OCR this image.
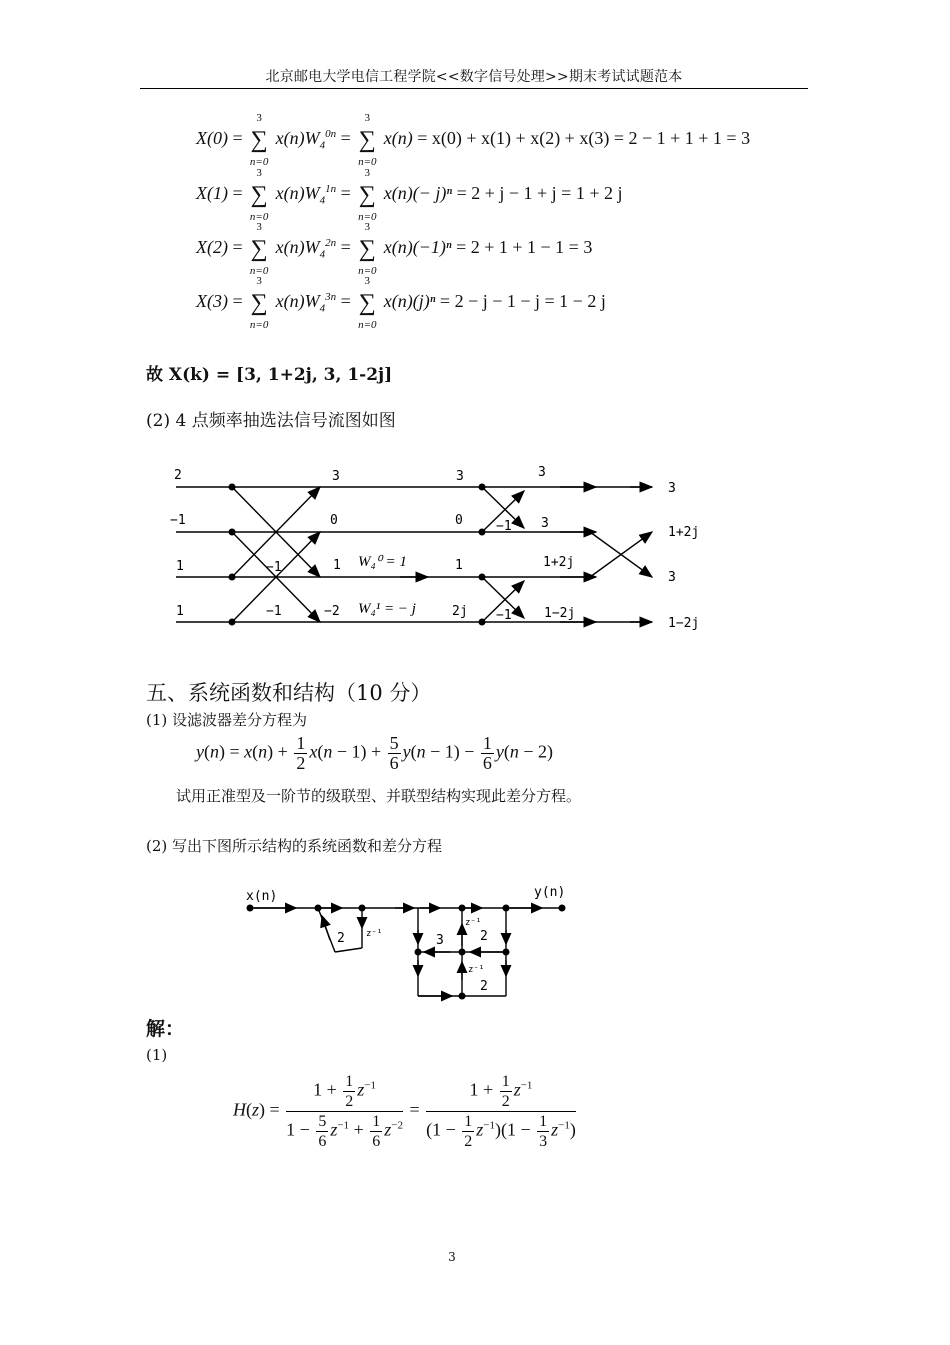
北京邮电大学电信工程学院<<数字信号处理>>期末考试试题范本
X(0) =
3
∑
n=0
$x(n)W_4^{0n}$ =
3
∑
n=0
x(n) = x(0) + x(1) + x(2) + x(3) = 2 − 1 + 1 + 1 = 3
X(1) =
3
∑
n=0
$x(n)W_4^{1n}$ =
3
∑
n=0
x(n)(− j)ⁿ = 2 + j − 1 + j = 1 + 2 j
X(2) =
3
∑
n=0
$x(n)W_4^{2n}$ =
3
∑
n=0
x(n)(−1)ⁿ = 2 + 1 + 1 − 1 = 3
X(3) =
3
∑
n=0
$x(n)W_4^{3n}$ =
3
∑
n=0
x(n)(j)ⁿ = 2 − j − 1 − j = 1 − 2 j
故 X(k) = [3, 1+2j, 3, 1-2j]
(2) 4 点频率抽选法信号流图如图
2
−1
1
1
3
0
1
−2
−1
−1
3
0
1
2j
−1
−1
3
3
1+2j
1−2j
3
1+2j
3
1−2j
W₄⁰ = 1
W₄¹ = − j
五、系统函数和结构（10 分）
(1) 设滤波器差分方程为
$y(n) = x(n) + \frac{1}{2} x(n - 1) + \frac{5}{6} y(n - 1) - \frac{1}{6} y(n - 2)$
试用正准型及一阶节的级联型、并联型结构实现此差分方程。
(2) 写出下图所示结构的系统函数和差分方程
x(n)	y(n)
2	3	2
2
z⁻¹
z⁻¹
z⁻¹
解：
(1)
$H(z) = \frac{1 + \frac{1}{2} z^{-1}}{1 - \frac{5}{6} z^{-1} + \frac{1}{6} z^{-2}} = \frac{1 + \frac{1}{2} z^{-1}}{(1 - \frac{1}{2} z^{-1})(1 - \frac{1}{3} z^{-1})}$
3
